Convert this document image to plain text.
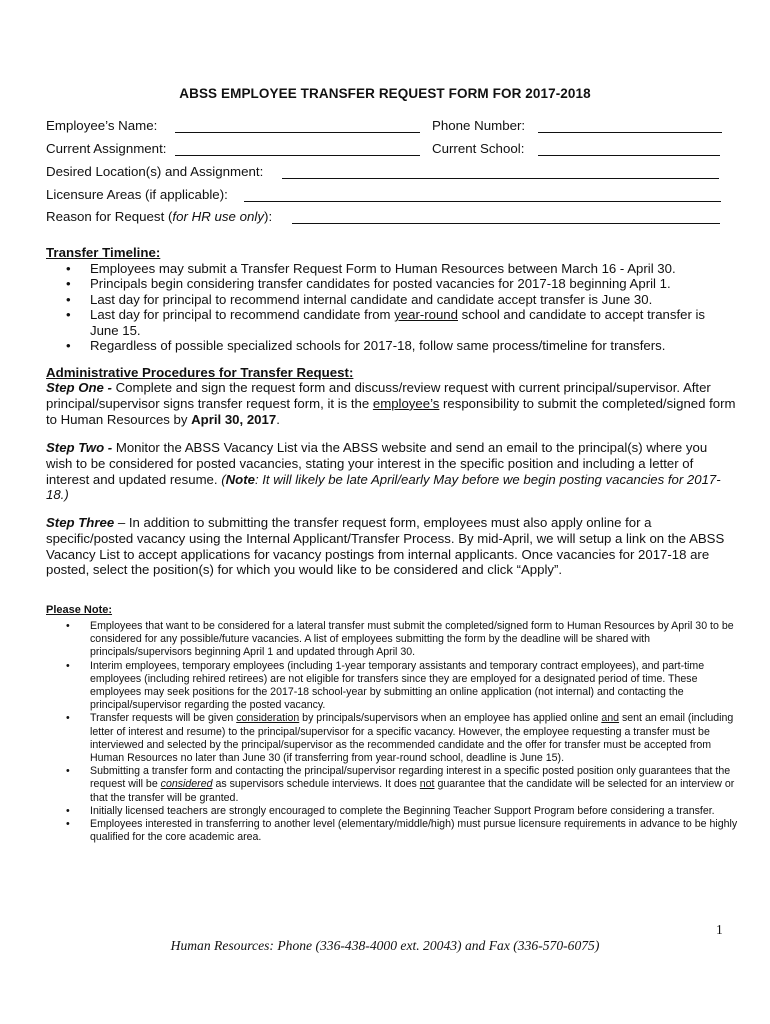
ABSS EMPLOYEE TRANSFER REQUEST FORM FOR 2017-2018
Employee’s Name:	Phone Number:
Current Assignment:	Current School:
Desired Location(s) and Assignment:
Licensure Areas (if applicable):
Reason for Request (for HR use only):
Transfer Timeline:
• Employees may submit a Transfer Request Form to Human Resources between March 16 - April 30.
• Principals begin considering transfer candidates for posted vacancies for 2017-18 beginning April 1.
• Last day for principal to recommend internal candidate and candidate accept transfer is June 30.
• Last day for principal to recommend candidate from year-round school and candidate to accept transfer is June 15.
• Regardless of possible specialized schools for 2017-18, follow same process/timeline for transfers.
Administrative Procedures for Transfer Request:
Step One - Complete and sign the request form and discuss/review request with current principal/supervisor. After principal/supervisor signs transfer request form, it is the employee’s responsibility to submit the completed/signed form to Human Resources by April 30, 2017.
Step Two - Monitor the ABSS Vacancy List via the ABSS website and send an email to the principal(s) where you wish to be considered for posted vacancies, stating your interest in the specific position and including a letter of interest and updated resume. (Note: It will likely be late April/early May before we begin posting vacancies for 2017-18.)
Step Three – In addition to submitting the transfer request form, employees must also apply online for a specific/posted vacancy using the Internal Applicant/Transfer Process. By mid-April, we will setup a link on the ABSS Vacancy List to accept applications for vacancy postings from internal applicants. Once vacancies for 2017-18 are posted, select the position(s) for which you would like to be considered and click “Apply”.
Please Note:
• Employees that want to be considered for a lateral transfer must submit the completed/signed form to Human Resources by April 30 to be considered for any possible/future vacancies. A list of employees submitting the form by the deadline will be shared with principals/supervisors beginning April 1 and updated through April 30.
• Interim employees, temporary employees (including 1-year temporary assistants and temporary contract employees), and part-time employees (including rehired retirees) are not eligible for transfers since they are employed for a designated period of time. These employees may seek positions for the 2017-18 school-year by submitting an online application (not internal) and contacting the principal/supervisor regarding the posted vacancy.
• Transfer requests will be given consideration by principals/supervisors when an employee has applied online and sent an email (including letter of interest and resume) to the principal/supervisor for a specific vacancy. However, the employee requesting a transfer must be interviewed and selected by the principal/supervisor as the recommended candidate and the offer for transfer must be accepted from Human Resources no later than June 30 (if transferring from year-round school, deadline is June 15).
• Submitting a transfer form and contacting the principal/supervisor regarding interest in a specific posted position only guarantees that the request will be considered as supervisors schedule interviews. It does not guarantee that the candidate will be selected for an interview or that the transfer will be granted.
• Initially licensed teachers are strongly encouraged to complete the Beginning Teacher Support Program before considering a transfer.
• Employees interested in transferring to another level (elementary/middle/high) must pursue licensure requirements in advance to be highly qualified for the core academic area.
1
Human Resources: Phone (336-438-4000 ext. 20043) and Fax (336-570-6075)
